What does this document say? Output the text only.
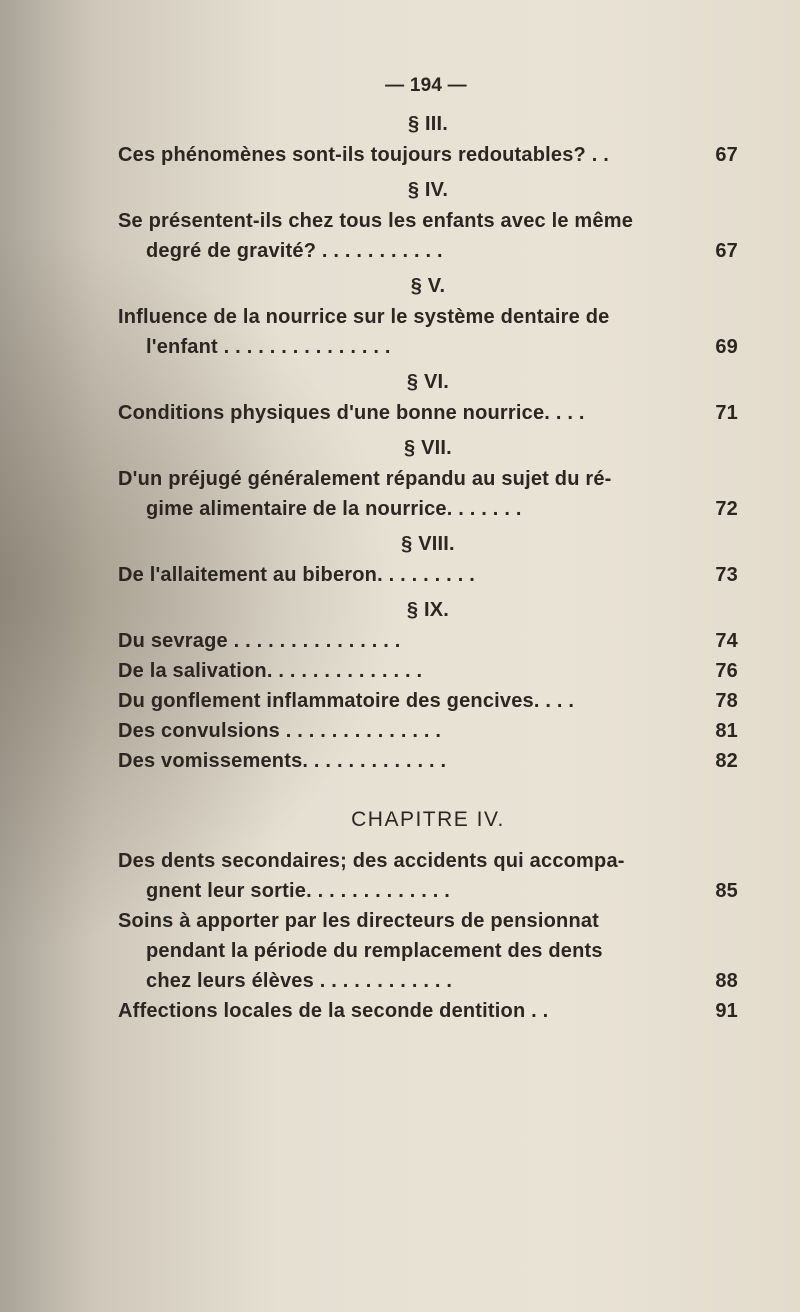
— 194 —
§ III.
Ces phénomènes sont-ils toujours redoutables? . .	67
§ IV.
Se présentent-ils chez tous les enfants avec le même
degré de gravité? . . . . . . . . . . .	67
§ V.
Influence de la nourrice sur le système dentaire de
l'enfant . . . . . . . . . . . . . . .	69
§ VI.
Conditions physiques d'une bonne nourrice. . . .	71
§ VII.
D'un préjugé généralement répandu au sujet du ré-
gime alimentaire de la nourrice. . . . . . .	72
§ VIII.
De l'allaitement au biberon. . . . . . . . .	73
§ IX.
Du sevrage . . . . . . . . . . . . . . .	74
De la salivation. . . . . . . . . . . . . .	76
Du gonflement inflammatoire des gencives. . . .	78
Des convulsions . . . . . . . . . . . . . .	81
Des vomissements. . . . . . . . . . . . .	82
CHAPITRE IV.
Des dents secondaires; des accidents qui accompa-
gnent leur sortie. . . . . . . . . . . . .	85
Soins à apporter par les directeurs de pensionnat
pendant la période du remplacement des dents
chez leurs élèves . . . . . . . . . . . .	88
Affections locales de la seconde dentition . .	91
